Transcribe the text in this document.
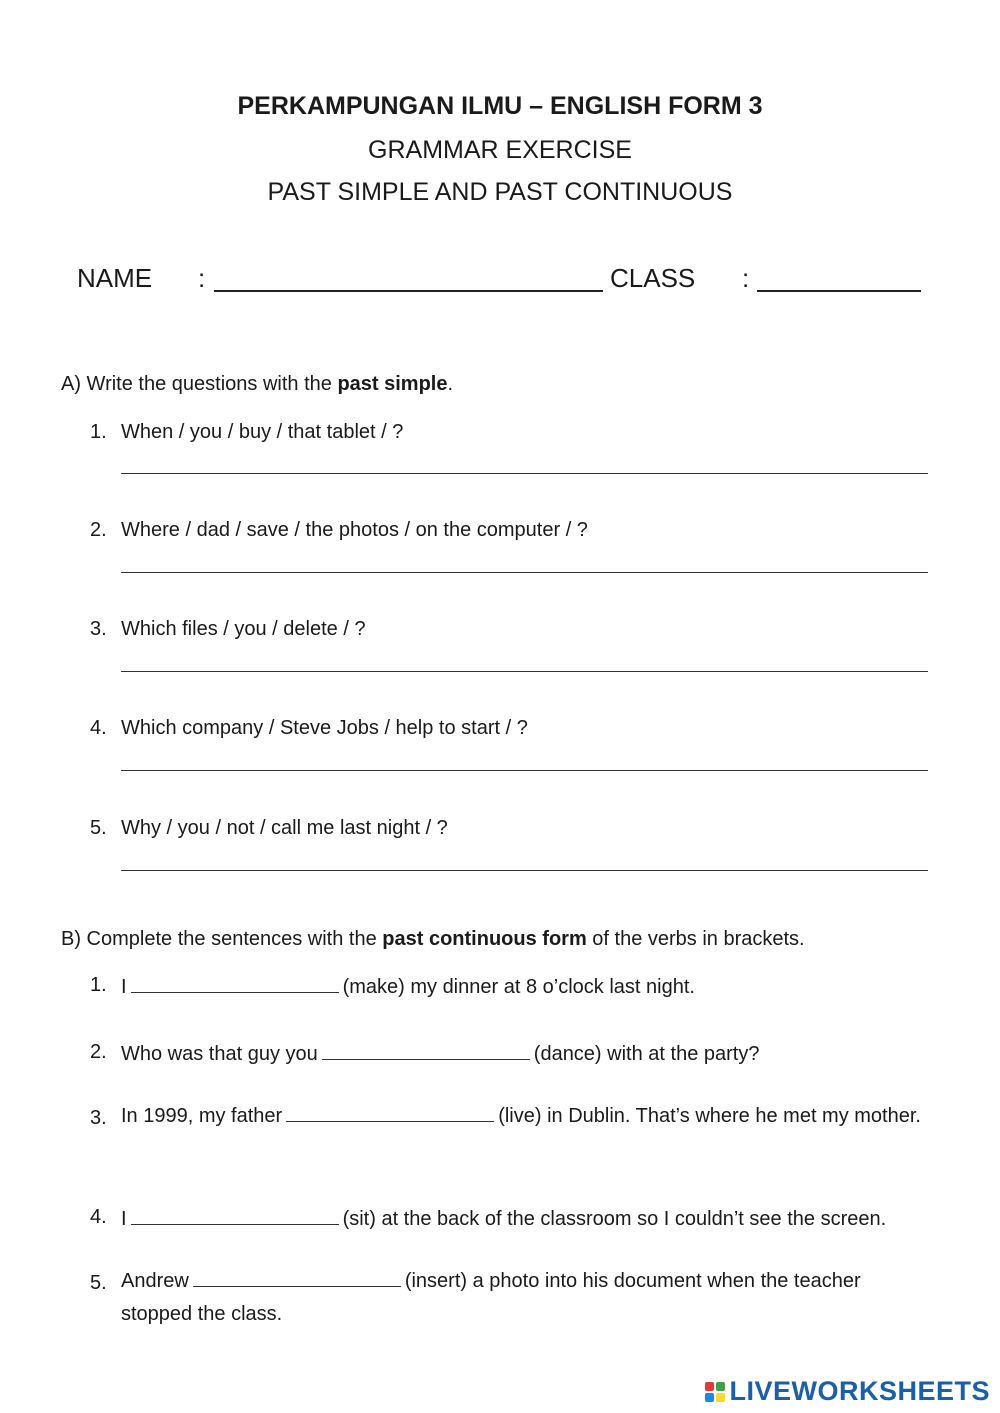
PERKAMPUNGAN ILMU – ENGLISH FORM 3
GRAMMAR EXERCISE
PAST SIMPLE AND PAST CONTINUOUS
NAME :	CLASS :
A) Write the questions with the past simple.
1. When / you / buy / that tablet / ?
2. Where / dad / save / the photos / on the computer / ?
3. Which files / you / delete / ?
4. Which company / Steve Jobs / help to start / ?
5. Why / you / not / call me last night / ?
B) Complete the sentences with the past continuous form of the verbs in brackets.
1. I	(make) my dinner at 8 o’clock last night.
2. Who was that guy you	(dance) with at the party?
3. In 1999, my father	(live) in Dublin. That’s where he met my mother.
4. I	(sit) at the back of the classroom so I couldn’t see the screen.
5. Andrew	(insert) a photo into his document when the teacher stopped the class.
LIVEWORKSHEETS
